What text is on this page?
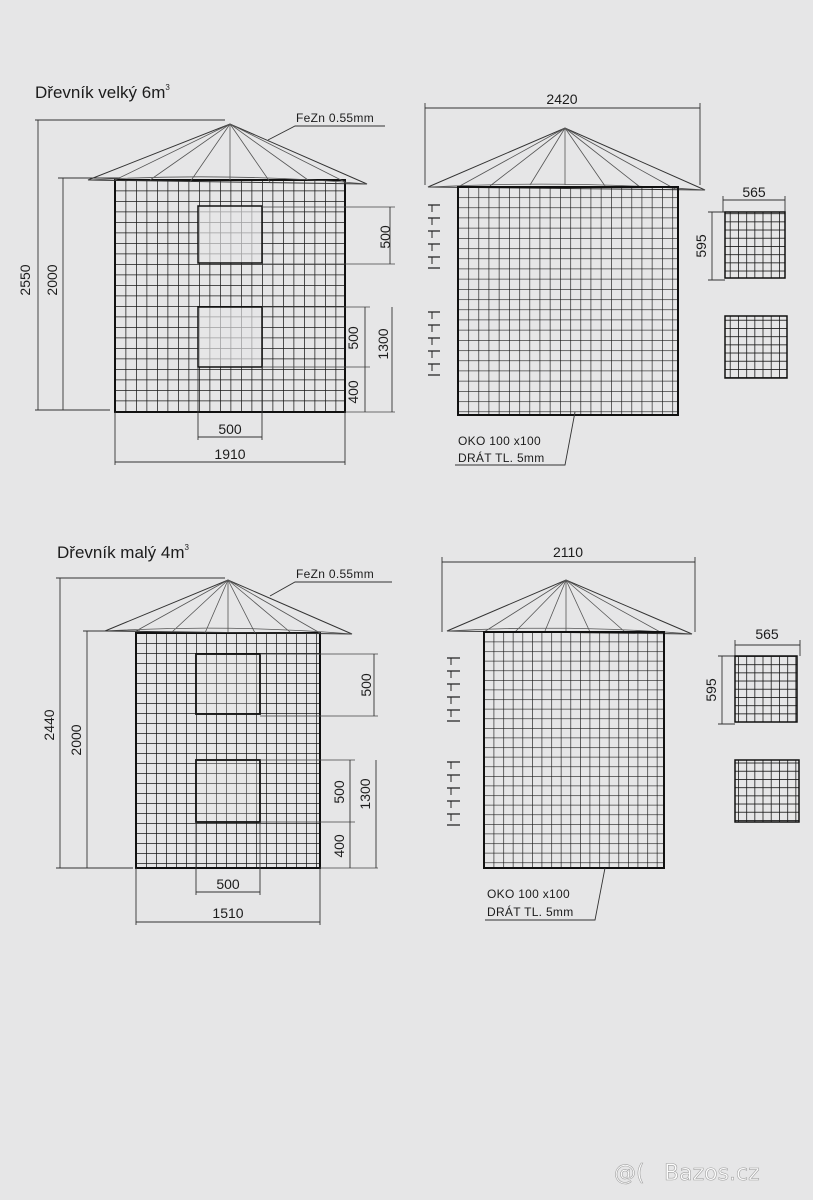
Dřevník velký $6m^3$
FeZn 0.55mm
2550 2000
500
500 1300
400
500
1910
2420
OKO 100 x100
DRÁT TL. 5mm
565
595
Dřevník malý $4m^3$
FeZn 0.55mm
2440 2000
500
500 1300
400
500
1510
2110
OKO 100 x100
DRÁT TL. 5mm
565
595
@( Bazos.cz
